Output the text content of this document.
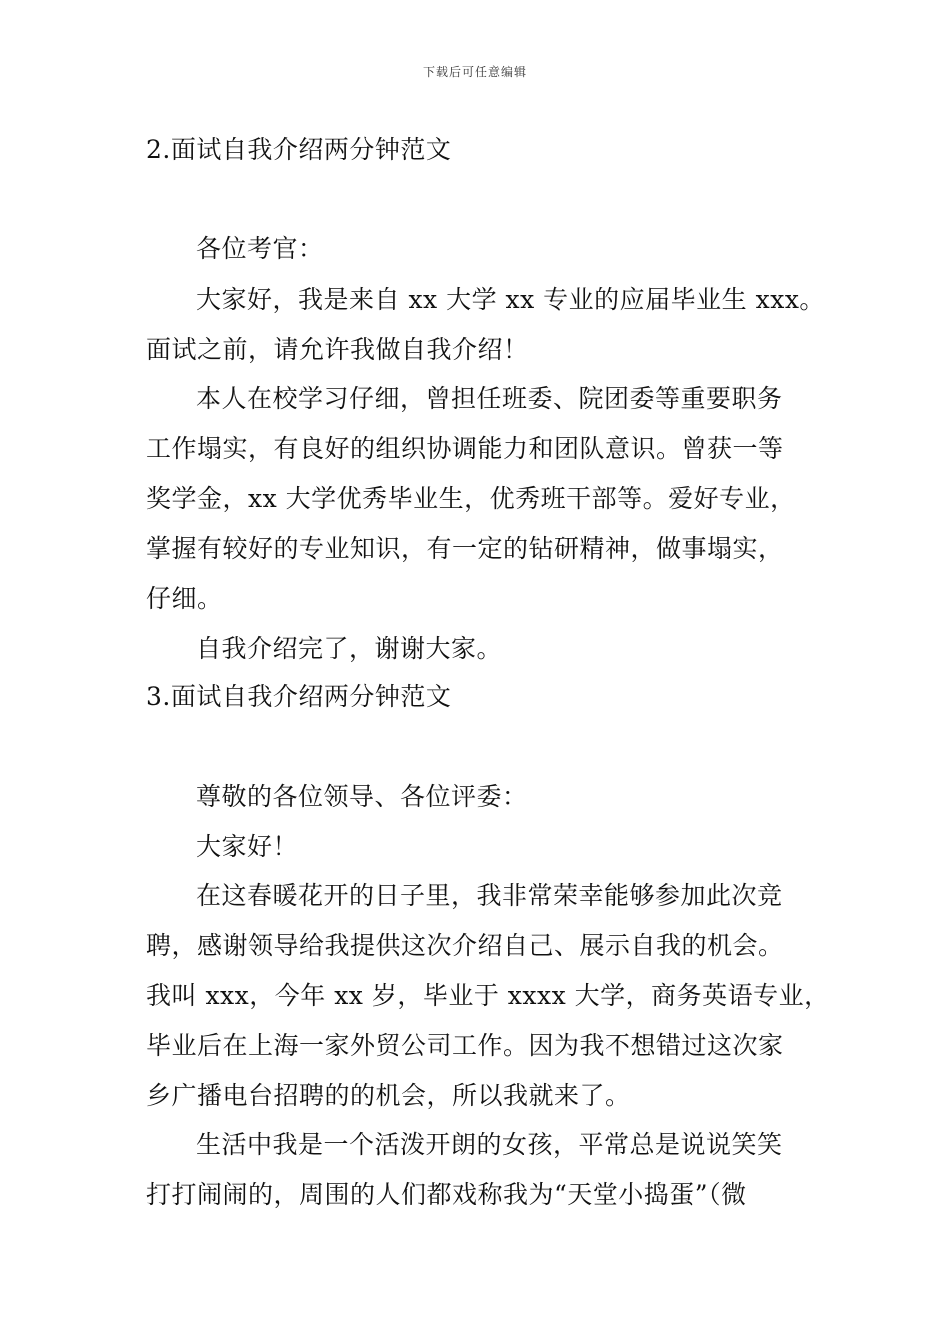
下载后可任意编辑
2.面试自我介绍两分钟范文
各位考官：
大家好，我是来自 xx 大学 xx 专业的应届毕业生 xxx。
面试之前，请允许我做自我介绍！
本人在校学习仔细，曾担任班委、院团委等重要职务
工作塌实，有良好的组织协调能力和团队意识。曾获一等
奖学金，xx 大学优秀毕业生，优秀班干部等。爱好专业，
掌握有较好的专业知识，有一定的钻研精神，做事塌实，
仔细。
自我介绍完了，谢谢大家。
3.面试自我介绍两分钟范文
尊敬的各位领导、各位评委：
大家好！
在这春暖花开的日子里，我非常荣幸能够参加此次竞
聘，感谢领导给我提供这次介绍自己、展示自我的机会。
我叫 xxx，今年 xx 岁，毕业于 xxxx 大学，商务英语专业，
毕业后在上海一家外贸公司工作。因为我不想错过这次家
乡广播电台招聘的的机会，所以我就来了。
生活中我是一个活泼开朗的女孩，平常总是说说笑笑
打打闹闹的，周围的人们都戏称我为“天堂小捣蛋”（微
